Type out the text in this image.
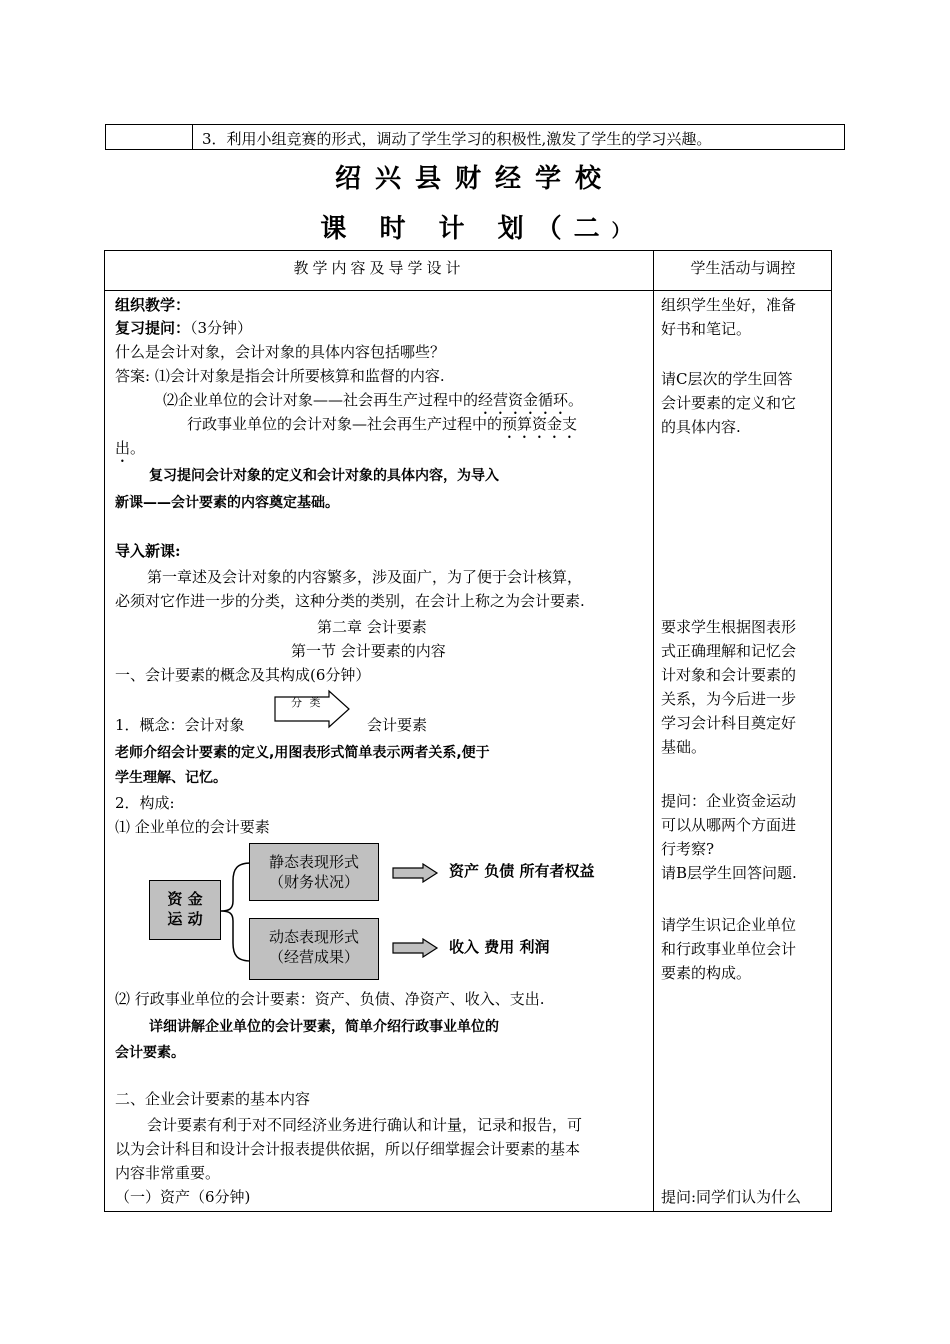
3．利用小组竞赛的形式，调动了学生学习的积极性,激发了学生的学习兴趣。
绍兴县财经学校
课 时 计 划（二）
教学内容及导学设计	学生活动与调控
组织教学：
复习提问：（3分钟）
什么是会计对象，会计对象的具体内容包括哪些？
答案: ⑴会计对象是指会计所要核算和监督的内容.
⑵企业单位的会计对象——社会再生产过程中的经营资金循环。
行政事业单位的会计对象—社会再生产过程中的预算资金支
出。
复习提问会计对象的定义和会计对象的具体内容，为导入
新课——会计要素的内容奠定基础。
导入新课:
第一章述及会计对象的内容繁多，涉及面广，为了便于会计核算，
必须对它作进一步的分类，这种分类的类别，在会计上称之为会计要素.
第二章 会计要素
第一节 会计要素的内容
一、会计要素的概念及其构成(6分钟）
1．概念：会计对象
分 类
会计要素
老师介绍会计要素的定义,用图表形式简单表示两者关系,便于
学生理解、记忆。
2．构成:
⑴ 企业单位的会计要素
资 金
运 动
静态表现形式
（财务状况）
动态表现形式
（经营成果）
资产 负债 所有者权益
收入 费用 利润
⑵ 行政事业单位的会计要素：资产、负债、净资产、收入、支出.
详细讲解企业单位的会计要素，简单介绍行政事业单位的
会计要素。
二、企业会计要素的基本内容
会计要素有利于对不同经济业务进行确认和计量，记录和报告，可
以为会计科目和设计会计报表提供依据，所以仔细掌握会计要素的基本
内容非常重要。
（一）资产（6分钟)
组织学生坐好，准备
好书和笔记。
请C层次的学生回答
会计要素的定义和它
的具体内容.
要求学生根据图表形
式正确理解和记忆会
计对象和会计要素的
关系，为今后进一步
学习会计科目奠定好
基础。
提问：企业资金运动
可以从哪两个方面进
行考察?
请B层学生回答问题.
请学生识记企业单位
和行政事业单位会计
要素的构成。
提问:同学们认为什么
